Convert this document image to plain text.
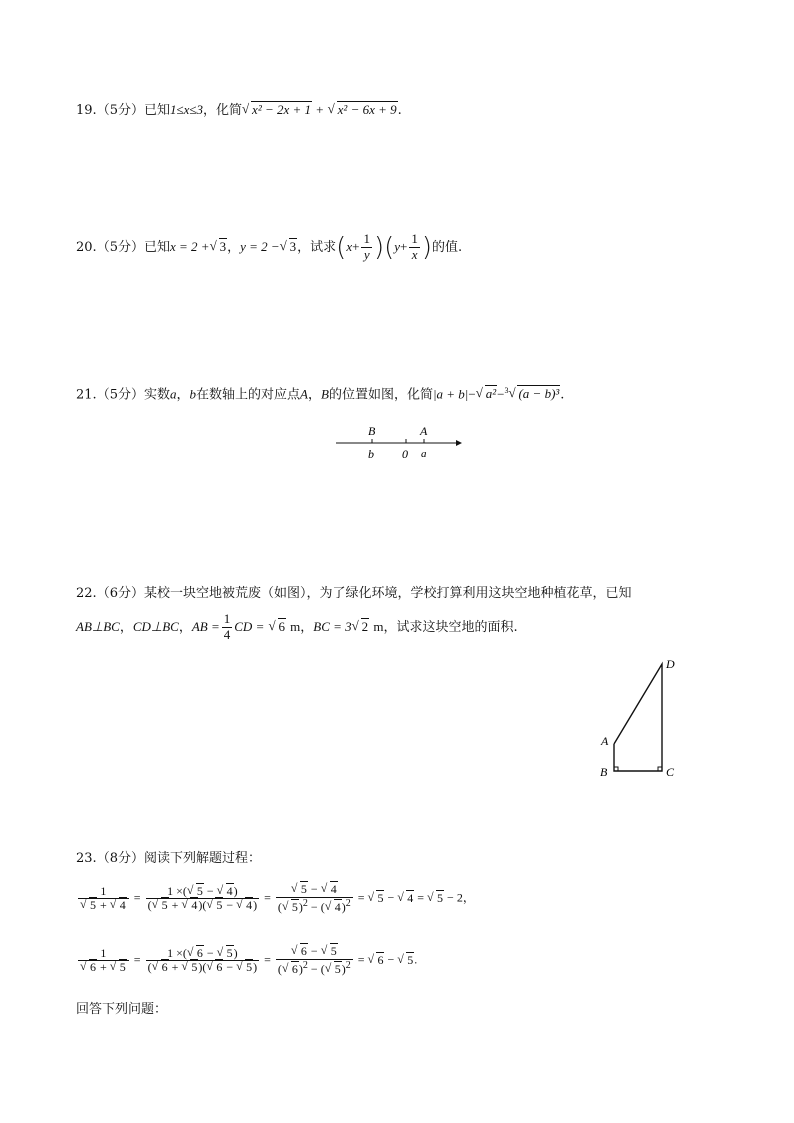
19.（5分）已知1≤x≤3，化简 √ x² − 2x + 1 + √ x² − 6x + 9.
20.（5分）已知x = 2 + √ 3，y = 2 − √ 3，试求$(x+ \frac{1}{y} )(y+ \frac{1}{x}$ )的值.
21.（5分）实数a，b在数轴上的对应点A，B的位置如图，化简|a + b|− √ a²−$^3$ √ (a − b)³.
B	A
b 0 a
22.（6分）某校一块空地被荒废（如图），为了绿化环境，学校打算利用这块空地种植花草，已知
AB⊥BC，CD⊥BC，AB = $\frac{1}{4}$ CD = √ 6 m，BC = 3 √ 2 m，试求这块空地的面积.
D
A
B	C
23.（8分）阅读下列解题过程：
1
√ 5 + √ $4 = \frac{1 \times( √ 5 - √ 4)}{( √ 5 + √ 4)( √ 5 - √ 4)}$ = √ $\frac{5 - √ 4}{( √ 5)^2 - ( √ 4)^2}$ = √ 5 − √ 4 = √ 5 − 2，
1
√ 6 + √ $5 = \frac{1 \times( √ 6 - √ 5)}{( √ 6 + √ 5)( √ 6 - √ 5)}$ = √ $\frac{6 - √ 5}{( √ 6)^2 - ( √ 5)^2}$ = √ 6 − √ 5.
回答下列问题：
